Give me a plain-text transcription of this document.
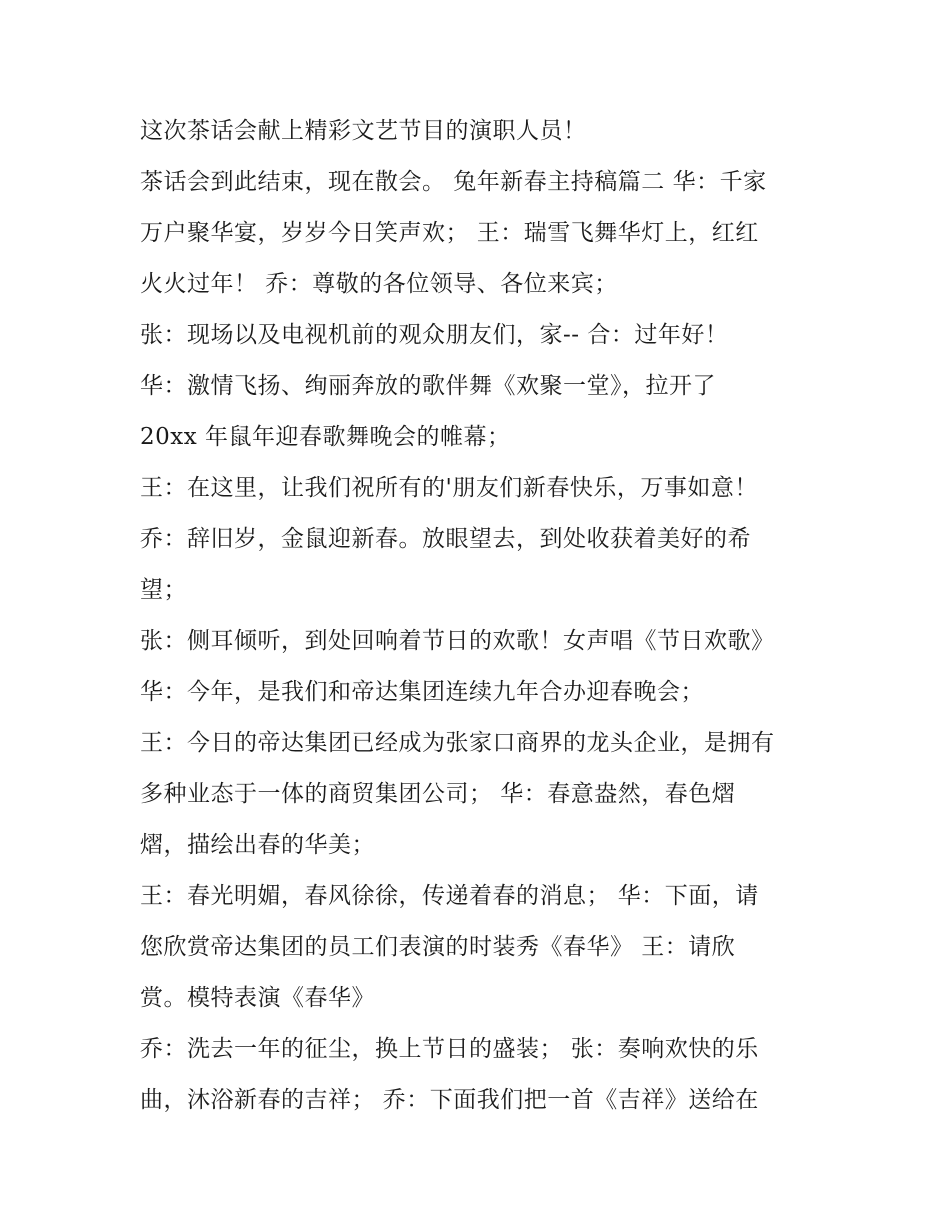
这次茶话会献上精彩文艺节目的演职人员！
茶话会到此结束，现在散会。 兔年新春主持稿篇二 华：千家
万户聚华宴，岁岁今日笑声欢； 王：瑞雪飞舞华灯上，红红
火火过年！ 乔：尊敬的各位领导、各位来宾；
张：现场以及电视机前的观众朋友们，家-- 合：过年好！
华：激情飞扬、绚丽奔放的歌伴舞《欢聚一堂》，拉开了
20xx 年鼠年迎春歌舞晚会的帷幕；
王：在这里，让我们祝所有的'朋友们新春快乐，万事如意！
乔：辞旧岁，金鼠迎新春。放眼望去，到处收获着美好的希
望；
张：侧耳倾听，到处回响着节日的欢歌！女声唱《节日欢歌》
华：今年，是我们和帝达集团连续九年合办迎春晚会；
王：今日的帝达集团已经成为张家口商界的龙头企业，是拥有
多种业态于一体的商贸集团公司； 华：春意盎然，春色熠
熠，描绘出春的华美；
王：春光明媚，春风徐徐，传递着春的消息； 华：下面，请
您欣赏帝达集团的员工们表演的时装秀《春华》 王：请欣
赏。模特表演《春华》
乔：洗去一年的征尘，换上节日的盛装； 张：奏响欢快的乐
曲，沐浴新春的吉祥； 乔：下面我们把一首《吉祥》送给在
